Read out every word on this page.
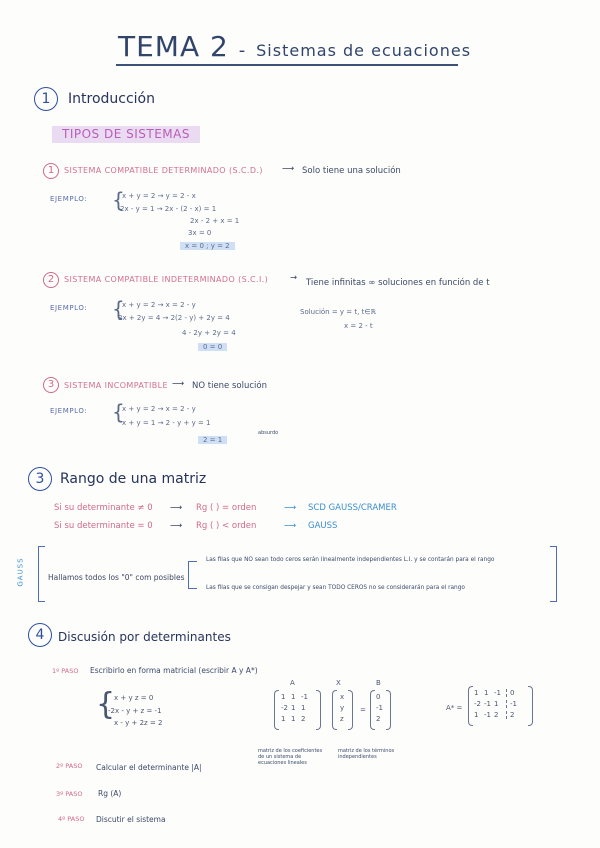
TEMA 2 - Sistemas de ecuaciones
1	Introducción
TIPOS DE SISTEMAS
1	SISTEMA COMPATIBLE DETERMINADO (S.C.D.) ⟶ Solo tiene una solución
EJEMPLO: {
x + y = 2 → y = 2 - x
2x - y = 1 → 2x - (2 - x) = 1
2x - 2 + x = 1
3x = 0
x = 0 ; y = 2
2	SISTEMA COMPATIBLE INDETERMINADO (S.C.I.)	→ Tiene infinitas ∞ soluciones en función de t
EJEMPLO: {
x + y = 2 → x = 2 - y
2x + 2y = 4 → 2(2 - y) + 2y = 4
4 - 2y + 2y = 4
0 = 0
Solución = y = t, t∈ℝ
x = 2 - t
3	SISTEMA INCOMPATIBLE ⟶ NO tiene solución
EJEMPLO: {
x + y = 2 → x = 2 - y
x + y = 1 → 2 - y + y = 1
2 = 1
absurdo
3	Rango de una matriz
Si su determinante ≠ 0 ⟶ Rg ( ) = orden	⟶ SCD GAUSS/CRAMER
Si su determinante = 0 ⟶ Rg ( ) < orden	⟶ GAUSS
GAUSS	Hallamos todos los "0" com posibles
Las filas que NO sean todo ceros serán linealmente independientes L.I. y se contarán para el rango
Las filas que se consigan despejar y sean TODO CEROS no se considerarán para el rango
4	Discusión por determinantes
1º PASO Escribirlo en forma matricial (escribir A y A*)
{
x + y z = 0
-2x - y + z = -1
x - y + 2z = 2
A	X	B
1 1 -1
-2 1 1
1 1 2
x
y
z
=
0
-1
2
A* =
1 1 -1 0
-2 -1 1 -1
1 -1 2 2
matriz de los coeficientes de un sistema de ecuaciones lineales
matriz de los términos independientes
2º PASO Calcular el determinante |A|
3º PASO Rg (A)
4º PASO Discutir el sistema
